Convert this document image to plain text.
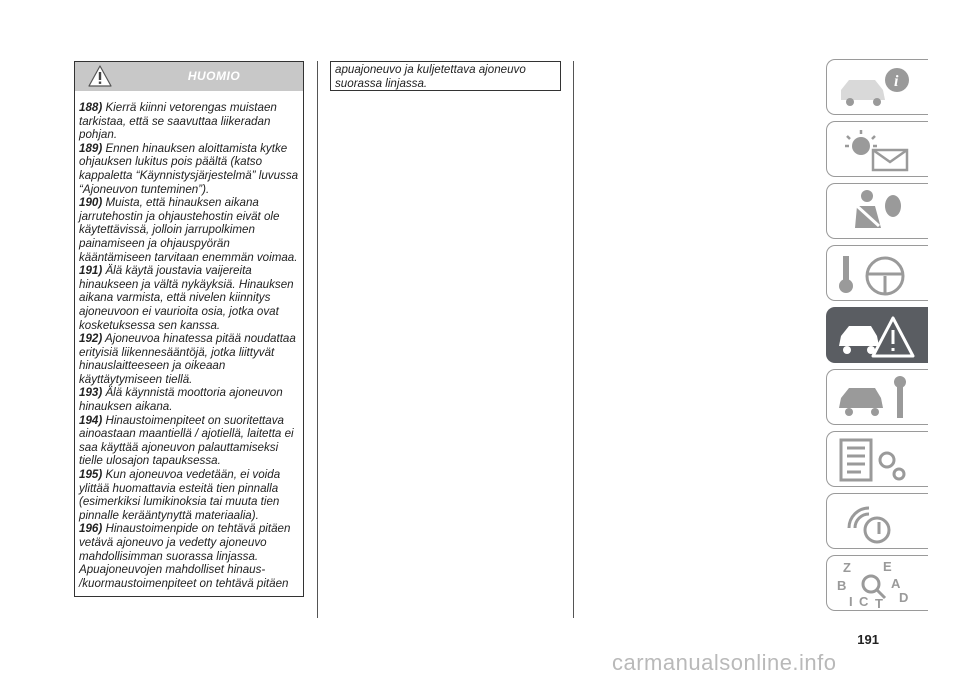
HUOMIO

188) Kierrä kiinni vetorengas muistaen tarkistaa, että se saavuttaa liikeradan pohjan.

189) Ennen hinauksen aloittamista kytke ohjauksen lukitus pois päältä (katso kappaletta “Käynnistysjärjestelmä” luvussa “Ajoneuvon tunteminen”).

190) Muista, että hinauksen aikana jarrutehostin ja ohjaustehostin eivät ole käytettävissä, jolloin jarrupolkimen painamiseen ja ohjauspyörän kääntämiseen tarvitaan enemmän voimaa.

191) Älä käytä joustavia vaijereita hinaukseen ja vältä nykäyksiä. Hinauksen aikana varmista, että nivelen kiinnitys ajoneuvoon ei vaurioita osia, jotka ovat kosketuksessa sen kanssa.

192) Ajoneuvoa hinatessa pitää noudattaa erityisiä liikennesääntöjä, jotka liittyvät hinauslaitteeseen ja oikeaan käyttäytymiseen tiellä.

193) Älä käynnistä moottoria ajoneuvon hinauksen aikana.

194) Hinaustoimenpiteet on suoritettava ainoastaan maantiellä / ajotiellä, laitetta ei saa käyttää ajoneuvon palauttamiseksi tielle ulosajon tapauksessa.

195) Kun ajoneuvoa vedetään, ei voida ylittää huomattavia esteitä tien pinnalla (esimerkiksi lumikinoksia tai muuta tien pinnalle kerääntynyttä materiaalia).

196) Hinaustoimenpide on tehtävä pitäen vetävä ajoneuvo ja vedetty ajoneuvo mahdollisimman suorassa linjassa. Apuajoneuvojen mahdolliset hinaus- /kuormaustoimenpiteet on tehtävä pitäen

apuajoneuvo ja kuljetettava ajoneuvo suorassa linjassa.	i
Z E
B	A
I C T D
191
carmanualsonline.info
